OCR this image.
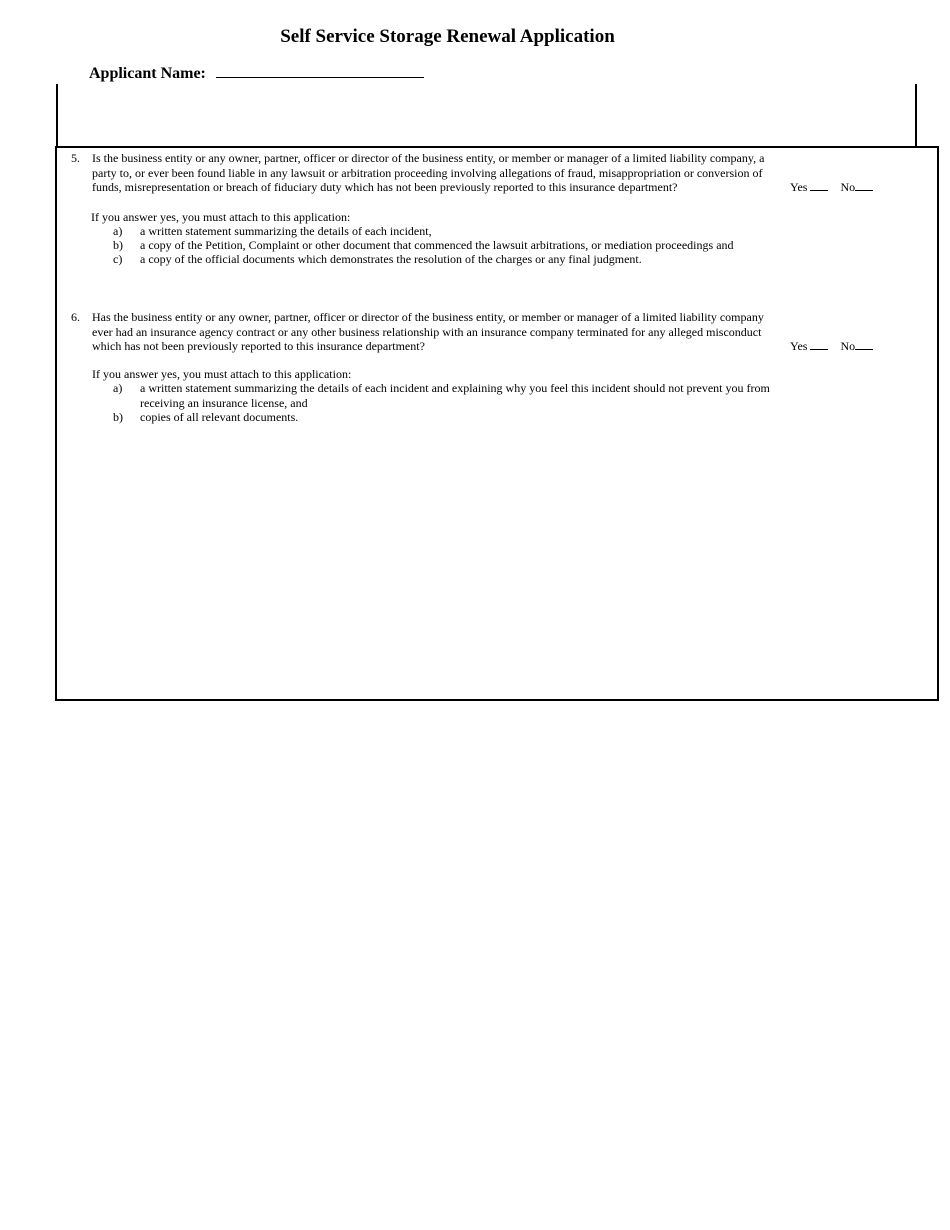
Self Service Storage Renewal Application
Applicant Name:
5. Is the business entity or any owner, partner, officer or director of the business entity, or member or manager of a limited liability company, a party to, or ever been found liable in any lawsuit or arbitration proceeding involving allegations of fraud, misappropriation or conversion of funds, misrepresentation or breach of fiduciary duty which has not been previously reported to this insurance department?	Yes	No
If you answer yes, you must attach to this application:
a) a written statement summarizing the details of each incident,
b) a copy of the Petition, Complaint or other document that commenced the lawsuit arbitrations, or mediation proceedings and
c) a copy of the official documents which demonstrates the resolution of the charges or any final judgment.
6. Has the business entity or any owner, partner, officer or director of the business entity, or member or manager of a limited liability company ever had an insurance agency contract or any other business relationship with an insurance company terminated for any alleged misconduct which has not been previously reported to this insurance department?	Yes	No
If you answer yes, you must attach to this application:
a) a written statement summarizing the details of each incident and explaining why you feel this incident should not prevent you from receiving an insurance license, and
b) copies of all relevant documents.
